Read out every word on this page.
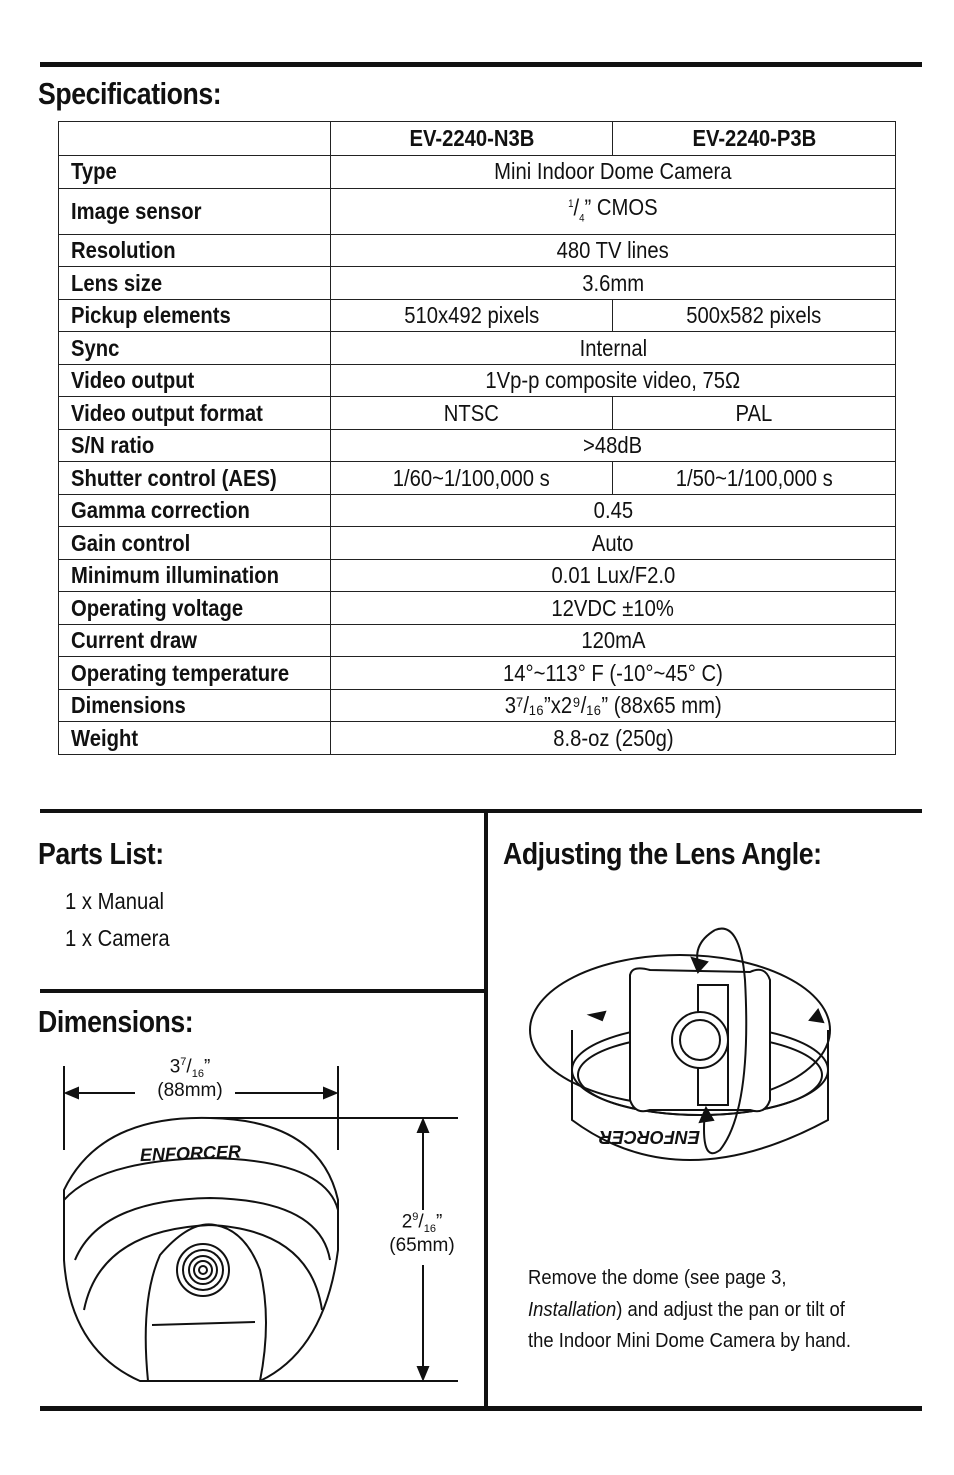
Specifications:
	EV-2240-N3B	EV-2240-P3B
Type	Mini Indoor Dome Camera	
Image sensor	$^1/_4$” CMOS	
Resolution	480 TV lines	
Lens size	3.6mm	
Pickup elements	510x492 pixels	500x582 pixels
Sync	Internal	
Video output	1Vp-p composite video, 75Ω	
Video output format	NTSC	PAL
S/N ratio	>48dB	
Shutter control (AES)	1/60~1/100,000 s	1/50~1/100,000 s
Gamma correction	0.45	
Gain control	Auto	
Minimum illumination	0.01 Lux/F2.0	
Operating voltage	12VDC ±10%	
Current draw	120mA	
Operating temperature	14°~113° F (-10°~45° C)	
Dimensions	3⁷/₁₆”x2⁹/₁₆” (88x65 mm)	
Weight	8.8-oz (250g)	
Parts List:
1 x Manual
1 x Camera
Dimensions:
Adjusting the Lens Angle:
$3^7/_{16}$”
(88mm)
$2^9/_{16}$”
(65mm)
ENFORCER
ENFORCER
Remove the dome (see page 3,
Installation) and adjust the pan or tilt of
the Indoor Mini Dome Camera by hand.
